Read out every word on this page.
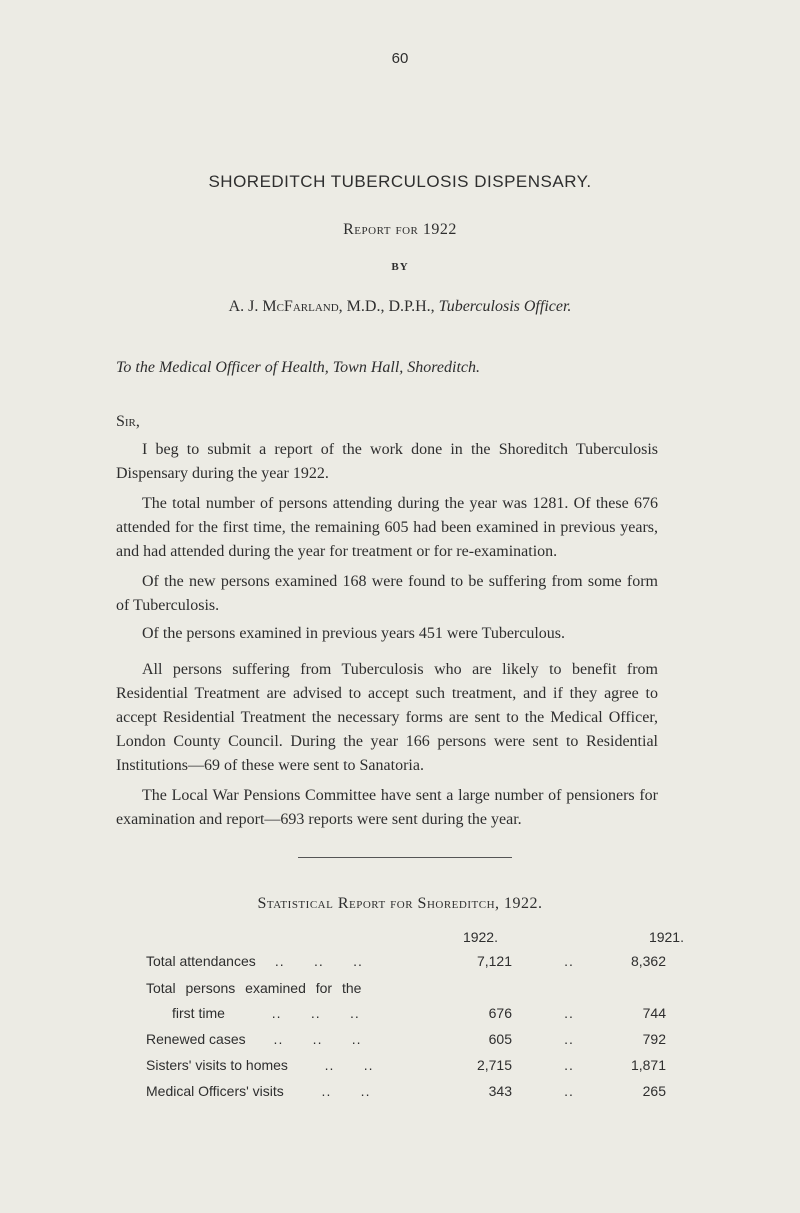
60
SHOREDITCH TUBERCULOSIS DISPENSARY.
Report for 1922
BY
A. J. McFarland, M.D., D.P.H., Tuberculosis Officer.
To the Medical Officer of Health, Town Hall, Shoreditch.
Sir,

I beg to submit a report of the work done in the Shoreditch Tuberculosis Dispensary during the year 1922.

The total number of persons attending during the year was 1281. Of these 676 attended for the first time, the remaining 605 had been examined in previous years, and had attended during the year for treatment or for re-examination.

Of the new persons examined 168 were found to be suffering from some form of Tuberculosis.

Of the persons examined in previous years 451 were Tuberculous.

All persons suffering from Tuberculosis who are likely to benefit from Residential Treatment are advised to accept such treatment, and if they agree to accept Residential Treatment the necessary forms are sent to the Medical Officer, London County Council. During the year 166 persons were sent to Residential Institutions—69 of these were sent to Sanatoria.

The Local War Pensions Committee have sent a large number of pensioners for examination and report—693 reports were sent during the year.

Statistical Report for Shoreditch, 1922.
1922.	1921.
Total attendances ..      ..      ..	7,121	..	8,362
Total persons examined for the
first time	..      ..      ..	676	..	744
Renewed cases ..      ..      ..	605	..	792
Sisters' visits to homes ..      ..	2,715	..	1,871
Medical Officers' visits ..      ..	343	..	265
